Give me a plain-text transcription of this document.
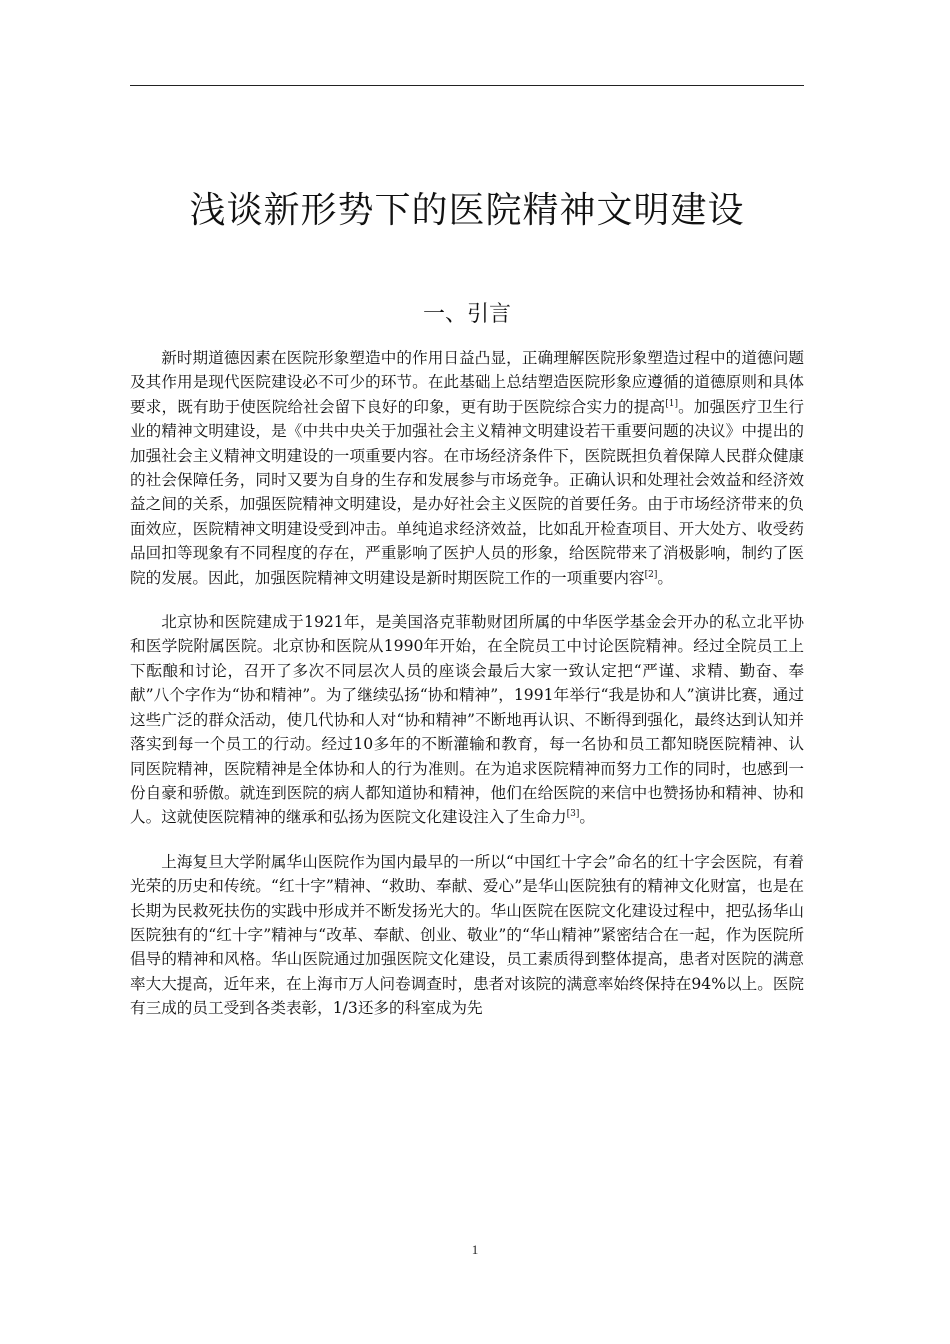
浅谈新形势下的医院精神文明建设
一、引言

新时期道德因素在医院形象塑造中的作用日益凸显，正确理解医院形象塑造过程中的道德问题及其作用是现代医院建设必不可少的环节。在此基础上总结塑造医院形象应遵循的道德原则和具体要求，既有助于使医院给社会留下良好的印象，更有助于医院综合实力的提高[1]。加强医疗卫生行业的精神文明建设，是《中共中央关于加强社会主义精神文明建设若干重要问题的决议》中提出的加强社会主义精神文明建设的一项重要内容。在市场经济条件下，医院既担负着保障人民群众健康的社会保障任务，同时又要为自身的生存和发展参与市场竞争。正确认识和处理社会效益和经济效益之间的关系，加强医院精神文明建设，是办好社会主义医院的首要任务。由于市场经济带来的负面效应，医院精神文明建设受到冲击。单纯追求经济效益，比如乱开检查项目、开大处方、收受药品回扣等现象有不同程度的存在，严重影响了医护人员的形象，给医院带来了消极影响，制约了医院的发展。因此，加强医院精神文明建设是新时期医院工作的一项重要内容[2]。

北京协和医院建成于1921年，是美国洛克菲勒财团所属的中华医学基金会开办的私立北平协和医学院附属医院。北京协和医院从1990年开始，在全院员工中讨论医院精神。经过全院员工上下酝酿和讨论，召开了多次不同层次人员的座谈会最后大家一致认定把“严谨、求精、勤奋、奉献”八个字作为“协和精神”。为了继续弘扬“协和精神”，1991年举行“我是协和人”演讲比赛，通过这些广泛的群众活动，使几代协和人对“协和精神”不断地再认识、不断得到强化，最终达到认知并落实到每一个员工的行动。经过10多年的不断灌输和教育，每一名协和员工都知晓医院精神、认同医院精神，医院精神是全体协和人的行为准则。在为追求医院精神而努力工作的同时，也感到一份自豪和骄傲。就连到医院的病人都知道协和精神，他们在给医院的来信中也赞扬协和精神、协和人。这就使医院精神的继承和弘扬为医院文化建设注入了生命力[3]。

上海复旦大学附属华山医院作为国内最早的一所以“中国红十字会”命名的红十字会医院，有着光荣的历史和传统。“红十字”精神、“救助、奉献、爱心”是华山医院独有的精神文化财富，也是在长期为民救死扶伤的实践中形成并不断发扬光大的。华山医院在医院文化建设过程中，把弘扬华山医院独有的“红十字”精神与“改革、奉献、创业、敬业”的“华山精神”紧密结合在一起，作为医院所倡导的精神和风格。华山医院通过加强医院文化建设，员工素质得到整体提高，患者对医院的满意率大大提高，近年来，在上海市万人问卷调查时，患者对该院的满意率始终保持在94%以上。医院有三成的员工受到各类表彰，1/3还多的科室成为先

1
